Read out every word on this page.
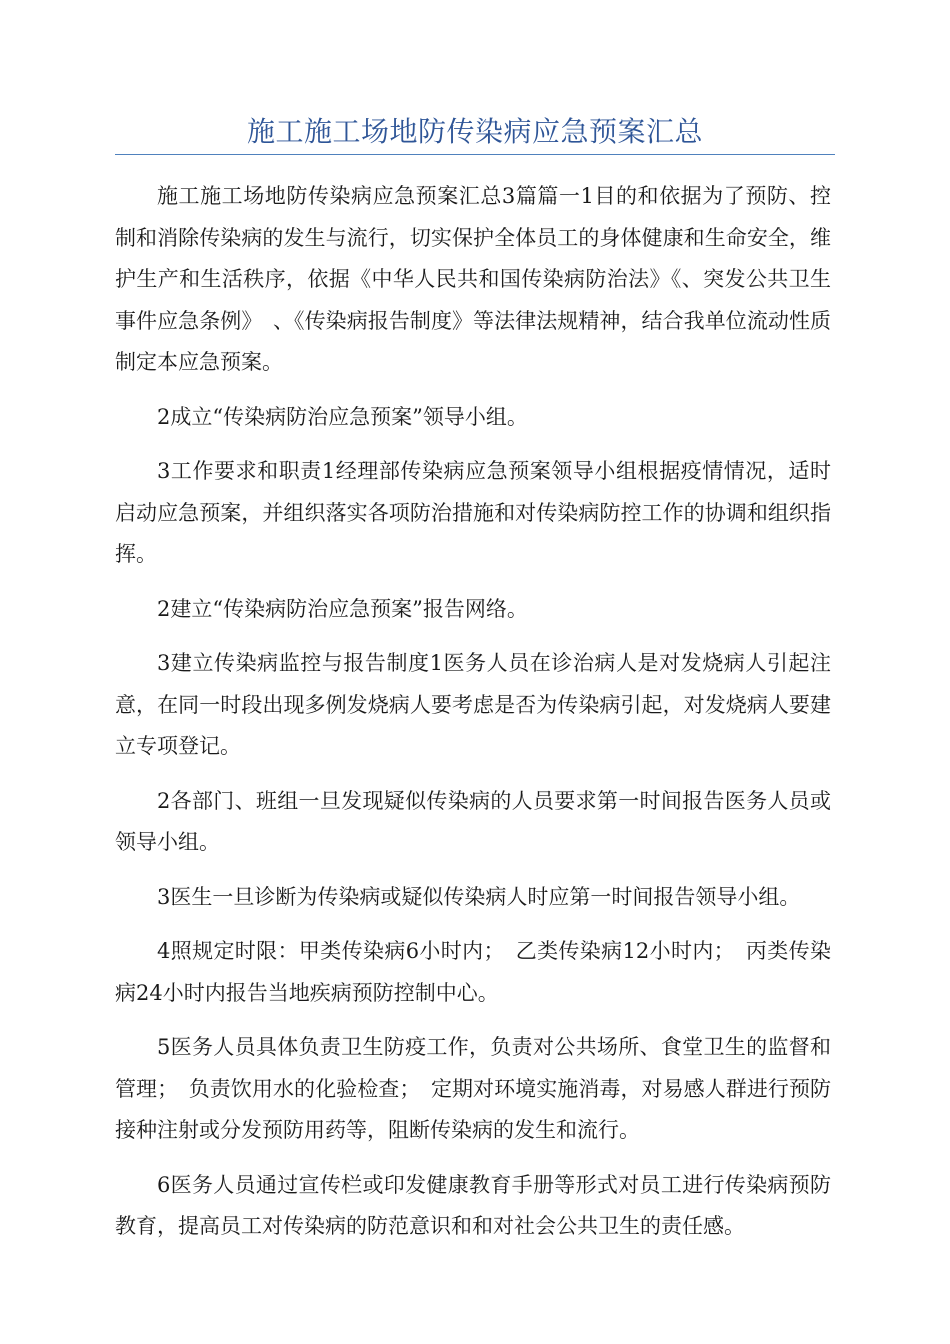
施工施工场地防传染病应急预案汇总

施工施工场地防传染病应急预案汇总3篇篇一1目的和依据为了预防、控制和消除传染病的发生与流行，切实保护全体员工的身体健康和生命安全，维护生产和生活秩序，依据《中华人民共和国传染病防治法》《、突发公共卫生事件应急条例》　、《传染病报告制度》等法律法规精神，结合我单位流动性质制定本应急预案。

2成立“传染病防治应急预案”领导小组。

3工作要求和职责1经理部传染病应急预案领导小组根据疫情情况，适时启动应急预案，并组织落实各项防治措施和对传染病防控工作的协调和组织指挥。

2建立“传染病防治应急预案”报告网络。

3建立传染病监控与报告制度1医务人员在诊治病人是对发烧病人引起注意，在同一时段出现多例发烧病人要考虑是否为传染病引起，对发烧病人要建立专项登记。

2各部门、班组一旦发现疑似传染病的人员要求第一时间报告医务人员或领导小组。

3医生一旦诊断为传染病或疑似传染病人时应第一时间报告领导小组。

4照规定时限：甲类传染病6小时内；　乙类传染病12小时内；　丙类传染病24小时内报告当地疾病预防控制中心。

5医务人员具体负责卫生防疫工作，负责对公共场所、食堂卫生的监督和管理；　负责饮用水的化验检查；　定期对环境实施消毒，对易感人群进行预防接种注射或分发预防用药等，阻断传染病的发生和流行。

6医务人员通过宣传栏或印发健康教育手册等形式对员工进行传染病预防教育，提高员工对传染病的防范意识和和对社会公共卫生的责任感。
